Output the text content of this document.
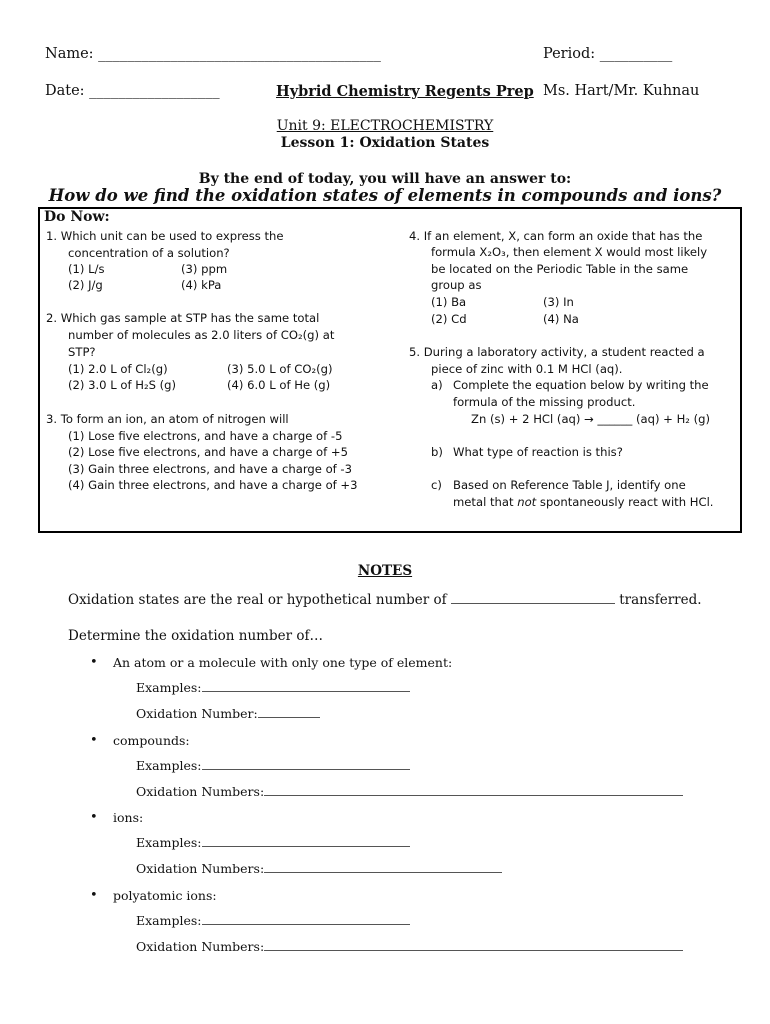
Name: _______________________________________	Period: __________
Date: __________________	Hybrid Chemistry Regents Prep Ms. Hart/Mr. Kuhnau
Unit 9: ELECTROCHEMISTRY
Lesson 1: Oxidation States
By the end of today, you will have an answer to:
How do we find the oxidation states of elements in compounds and ions?
Do Now:
1. Which unit can be used to express the
concentration of a solution?
(1) L/s
(2) J/g
(3) ppm
(4) kPa
2. Which gas sample at STP has the same total
number of molecules as 2.0 liters of CO₂(g) at
STP?
(1) 2.0 L of Cl₂(g)
(2) 3.0 L of H₂S (g)
(3) 5.0 L of CO₂(g)
(4) 6.0 L of He (g)
3. To form an ion, an atom of nitrogen will
(1) Lose five electrons, and have a charge of -5
(2) Lose five electrons, and have a charge of +5
(3) Gain three electrons, and have a charge of -3
(4) Gain three electrons, and have a charge of +3
4. If an element, X, can form an oxide that has the
formula X₂O₃, then element X would most likely
be located on the Periodic Table in the same
group as
(1) Ba
(2) Cd
(3) In
(4) Na
5. During a laboratory activity, a student reacted a
piece of zinc with 0.1 M HCl (aq).
a) Complete the equation below by writing the
formula of the missing product.
Zn (s) + 2 HCl (aq) → ______ (aq) + H₂ (g)
b) What type of reaction is this?
c) Based on Reference Table J, identify one
metal that not spontaneously react with HCl.
NOTES
Oxidation states are the real or hypothetical number of	transferred.
Determine the oxidation number of…
• An atom or a molecule with only one type of element:
Examples:
Oxidation Number:
• compounds:
Examples:
Oxidation Numbers:
• ions:
Examples:
Oxidation Numbers:
• polyatomic ions:
Examples:
Oxidation Numbers:
